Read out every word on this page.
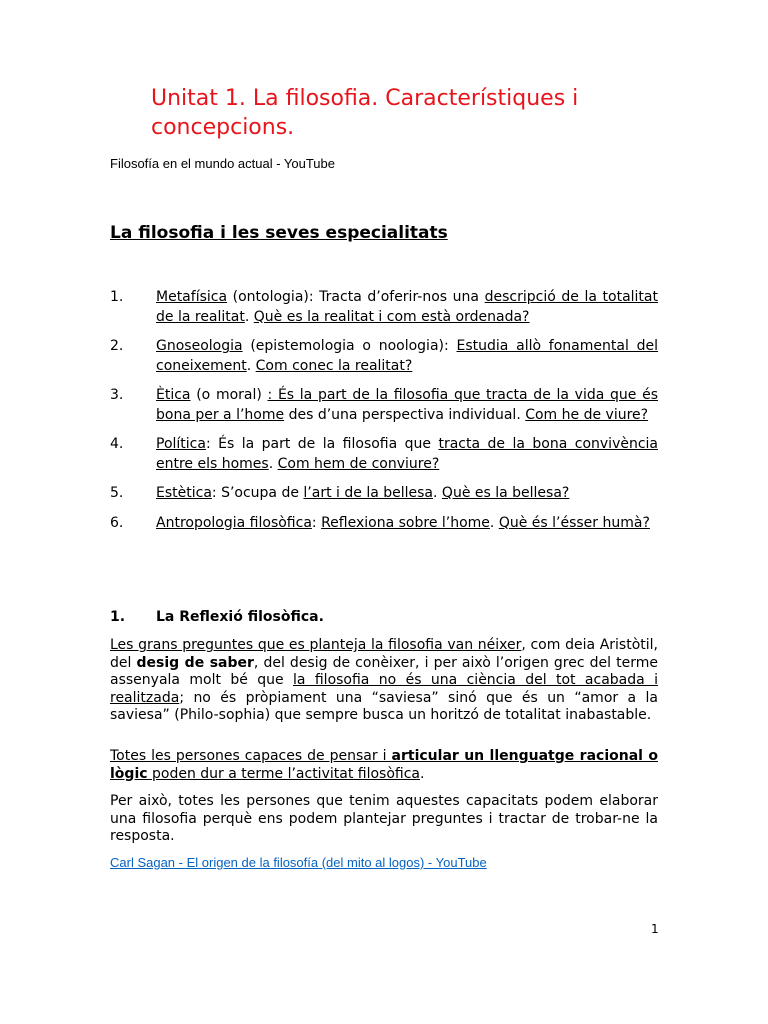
Unitat 1. La filosofia. Característiques i concepcions.
Filosofía en el mundo actual - YouTube
La filosofia i les seves especialitats
1. Metafísica (ontologia): Tracta d’oferir-nos una descripció de la totalitat de la realitat. Què es la realitat i com està ordenada?
2. Gnoseologia (epistemologia o noologia): Estudia allò fonamental del coneixement. Com conec la realitat?
3. Ètica (o moral) : És la part de la filosofia que tracta de la vida que és bona per a l’home des d’una perspectiva individual. Com he de viure?
4. Política: És la part de la filosofia que tracta de la bona convivència entre els homes. Com hem de conviure?
5. Estètica: S’ocupa de l’art i de la bellesa. Què es la bellesa?
6. Antropologia filosòfica: Reflexiona sobre l’home. Què és l’ésser humà?
1. La Reflexió filosòfica.

Les grans preguntes que es planteja la filosofia van néixer, com deia Aristòtil, del desig de saber, del desig de conèixer, i per això l’origen grec del terme assenyala molt bé que la filosofia no és una ciència del tot acabada i realitzada; no és pròpiament una “saviesa” sinó que és un “amor a la saviesa” (Philo-sophia) que sempre busca un horitzó de totalitat inabastable.

Totes les persones capaces de pensar i articular un llenguatge racional o lògic poden dur a terme l’activitat filosòfica.

Per això, totes les persones que tenim aquestes capacitats podem elaborar una filosofia perquè ens podem plantejar preguntes i tractar de trobar-ne la resposta.

Carl Sagan - El origen de la filosofía (del mito al logos) - YouTube
1
